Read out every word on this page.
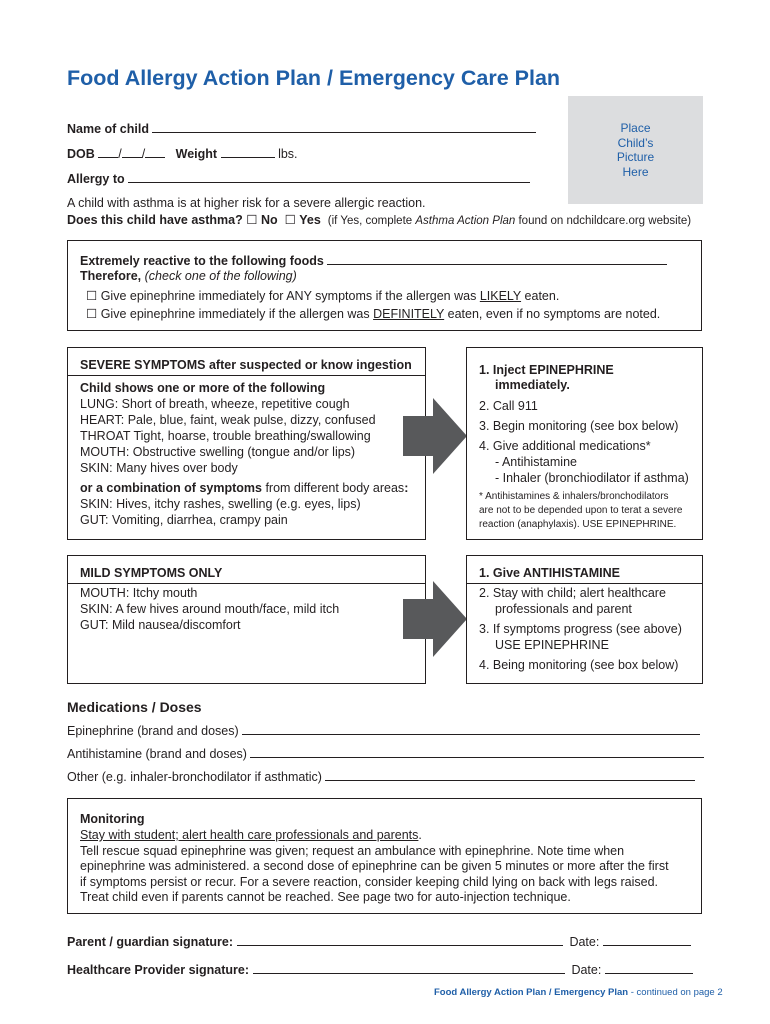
Food Allergy Action Plan / Emergency Care Plan
Place
Child’s
Picture
Here
Name of child
DOB / / Weight	lbs.
Allergy to
A child with asthma is at higher risk for a severe allergic reaction.
Does this child have asthma? ☐ No ☐ Yes (if Yes, complete Asthma Action Plan found on ndchildcare.org website)
Extremely reactive to the following foods
Therefore, (check one of the following)
☐ Give epinephrine immediately for ANY symptoms if the allergen was LIKELY eaten.
☐ Give epinephrine immediately if the allergen was DEFINITELY eaten, even if no symptoms are noted.
SEVERE SYMPTOMS after suspected or know ingestion
Child shows one or more of the following
LUNG: Short of breath, wheeze, repetitive cough
HEART: Pale, blue, faint, weak pulse, dizzy, confused
THROAT Tight, hoarse, trouble breathing/swallowing
MOUTH: Obstructive swelling (tongue and/or lips)
SKIN: Many hives over body
or a combination of symptoms from different body areas:
SKIN: Hives, itchy rashes, swelling (e.g. eyes, lips)
GUT: Vomiting, diarrhea, crampy pain
1. Inject EPINEPHRINE
immediately.
2. Call 911
3. Begin monitoring (see box below)
4. Give additional medications*
- Antihistamine
- Inhaler (bronchiodilator if asthma)
* Antihistamines & inhalers/bronchodilators
are not to be depended upon to terat a severe
reaction (anaphylaxis). USE EPINEPHRINE.
MILD SYMPTOMS ONLY
MOUTH: Itchy mouth
SKIN: A few hives around mouth/face, mild itch
GUT: Mild nausea/discomfort
1. Give ANTIHISTAMINE
2. Stay with child; alert healthcare
professionals and parent
3. If symptoms progress (see above)
USE EPINEPHRINE
4. Being monitoring (see box below)
Medications / Doses
Epinephrine (brand and doses)
Antihistamine (brand and doses)
Other (e.g. inhaler-bronchodilator if asthmatic)
Monitoring
Stay with student; alert health care professionals and parents.
Tell rescue squad epinephrine was given; request an ambulance with epinephrine. Note time when
epinephrine was administered. a second dose of epinephrine can be given 5 minutes or more after the first
if symptoms persist or recur. For a severe reaction, consider keeping child lying on back with legs raised.
Treat child even if parents cannot be reached. See page two for auto-injection technique.
Parent / guardian signature:	Date:
Healthcare Provider signature:	Date:
Food Allergy Action Plan / Emergency Plan - continued on page 2
